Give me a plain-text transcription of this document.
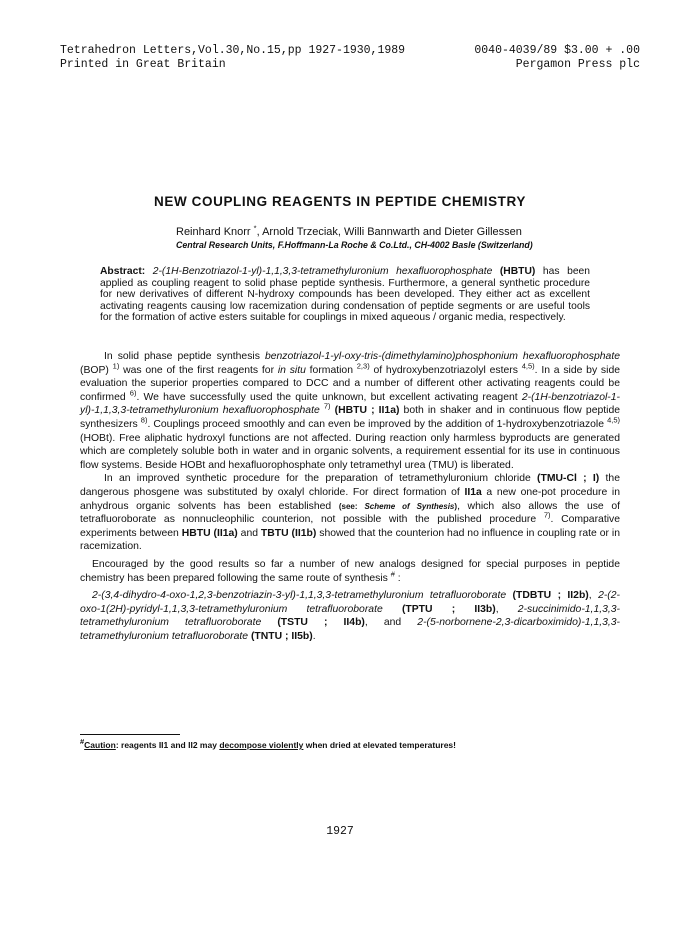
Tetrahedron Letters,Vol.30,No.15,pp 1927-1930,1989	0040-4039/89 $3.00 + .00
Printed in Great Britain	Pergamon Press plc
NEW COUPLING REAGENTS IN PEPTIDE CHEMISTRY
Reinhard Knorr *, Arnold Trzeciak, Willi Bannwarth and Dieter Gillessen
Central Research Units, F.Hoffmann-La Roche & Co.Ltd., CH-4002 Basle (Switzerland)
Abstract: 2-(1H-Benzotriazol-1-yl)-1,1,3,3-tetramethyluronium hexafluorophosphate (HBTU) has been applied as coupling reagent to solid phase peptide synthesis. Furthermore, a general synthetic procedure for new derivatives of different N-hydroxy compounds has been developed. They either act as excellent activating reagents causing low racemization during condensation of peptide segments or are useful tools for the formation of active esters suitable for couplings in mixed aqueous / organic media, respectively.

In solid phase peptide synthesis benzotriazol-1-yl-oxy-tris-(dimethylamino)phosphonium hexafluorophosphate (BOP) $^{1)}$ was one of the first reagents for in situ formation $^{2,3)}$ of hydroxybenzotriazolyl esters $^{4,5)}$. In a side by side evaluation the superior properties compared to DCC and a number of different other activating reagents could be confirmed $^{6)}$. We have successfully used the quite unknown, but excellent activating reagent 2-(1H-benzotriazol-1-yl)-1,1,3,3-tetramethyluronium hexafluorophosphate $^{7)}$ (HBTU ; II1a) both in shaker and in continuous flow peptide synthesizers $^{8)}$. Couplings proceed smoothly and can even be improved by the addition of 1-hydroxybenzotriazole $^{4,5)}$ (HOBt). Free aliphatic hydroxyl functions are not affected. During reaction only harmless byproducts are generated which are completely soluble both in water and in organic solvents, a requirement essential for its use in continuous flow systems. Beside HOBt and hexafluorophosphate only tetramethyl urea (TMU) is liberated.

In an improved synthetic procedure for the preparation of tetramethyluronium chloride (TMU-Cl ; I) the dangerous phosgene was substituted by oxalyl chloride. For direct formation of II1a a new one-pot procedure in anhydrous organic solvents has been established (see: Scheme of Synthesis), which also allows the use of tetrafluoroborate as nonnucleophilic counterion, not possible with the published procedure $^{7)}$. Comparative experiments between HBTU (II1a) and TBTU (II1b) showed that the counterion had no influence in coupling rate or in racemization.

Encouraged by the good results so far a number of new analogs designed for special purposes in peptide chemistry has been prepared following the same route of synthesis # :

2-(3,4-dihydro-4-oxo-1,2,3-benzotriazin-3-yl)-1,1,3,3-tetramethyluronium tetrafluoroborate (TDBTU ; II2b), 2-(2-oxo-1(2H)-pyridyl-1,1,3,3-tetramethyluronium tetrafluoroborate (TPTU ; II3b), 2-succinimido-1,1,3,3-tetramethyluronium tetrafluoroborate (TSTU ; II4b), and 2-(5-norbornene-2,3-dicarboximido)-1,1,3,3-tetramethyluronium tetrafluoroborate (TNTU ; II5b).

#Caution: reagents II1 and II2 may decompose violently when dried at elevated temperatures!
1927
